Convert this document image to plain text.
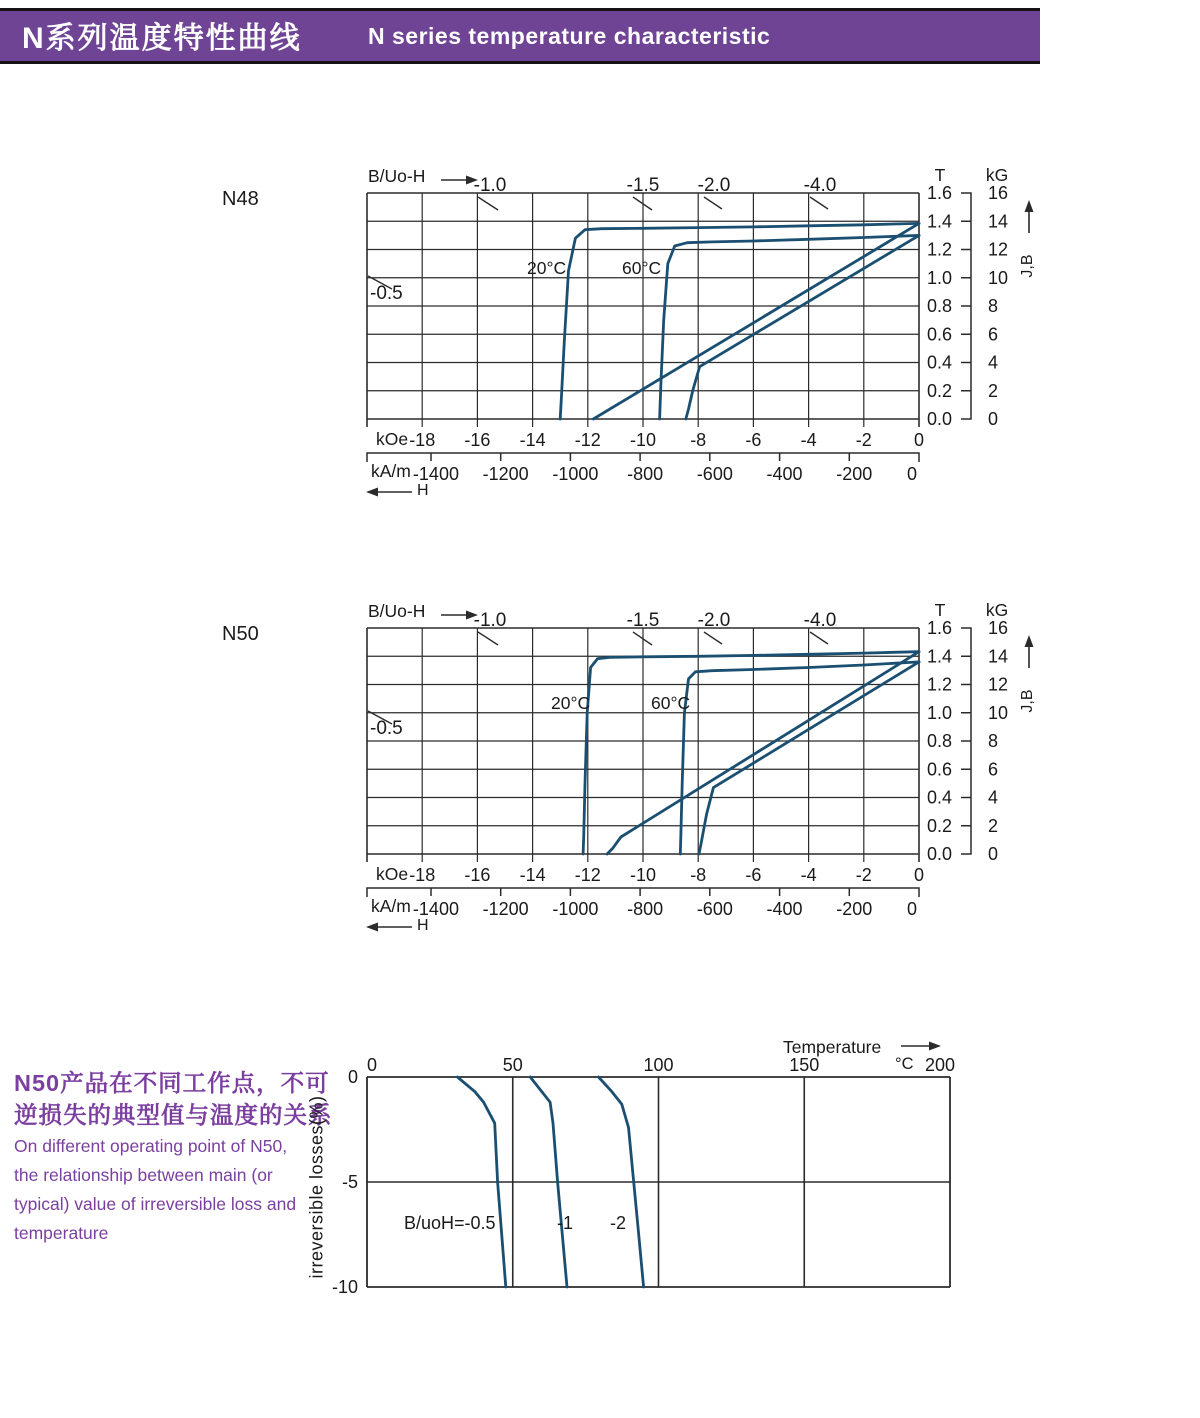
-18 -16 -14 -12 -10 -8 -6 -4 -2 0
-1400 -1200 -1000 -800 -600 -400 -200 0
1.6
1.4
1.2
1.0
0.8
0.6
0.4
0.2
0.0
16
14
12
10
8
6
4
2
0
-18 -16 -14 -12 -10 -8 -6 -4 -2 0
-1400 -1200 -1000 -800 -600 -400 -200 0
1.6
1.4
1.2
1.0
0.8
0.6
0.4
0.2
0.0
16
14
12
10
8
6
4
2
0
0	50	100	150	200
0
-5
-10
N系列温度特性曲线	N series temperature characteristic
N48
B/Uo-H	-1.0	-1.5 -2.0	-4.0
-0.5
20°C	60°C
kOe
kA/m
H
T kG
J,B
N50
B/Uo-H	-1.0	-1.5 -2.0	-4.0
-0.5
20°C	60°C
kOe
kA/m
H
T kG
J,B
N50产品在不同工作点，不可
逆损失的典型值与温度的关系
On different operating point of N50,
the relationship between main (or
typical) value of irreversible loss and
temperature
Temperature
°C
irreversible losses(%)	B/uoH=-0.5	-1 -2
